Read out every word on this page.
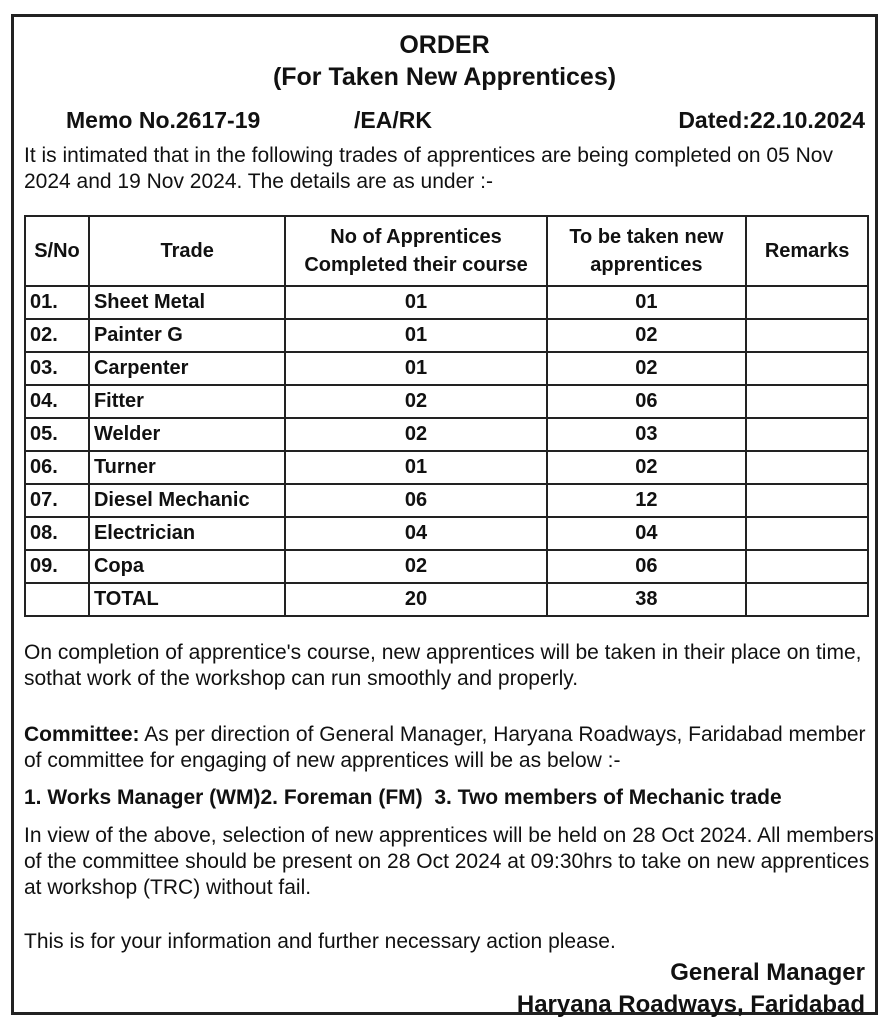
ORDER
(For Taken New Apprentices)
Memo No.2617-19	/EA/RK	Dated:22.10.2024
It is intimated that in the following trades of apprentices are being completed on 05 Nov 2024 and 19 Nov 2024. The details are as under :-
S/No	Trade	No of Apprentices Completed their course	To be taken new apprentices	Remarks
01.	Sheet Metal	01	01	
02.	Painter G	01	02	
03.	Carpenter	01	02	
04.	Fitter	02	06	
05.	Welder	02	03	
06.	Turner	01	02	
07.	Diesel Mechanic	06	12	
08.	Electrician	04	04	
09.	Copa	02	06	
	TOTAL	20	38	
On completion of apprentice's course, new apprentices will be taken in their place on time, sothat work of the workshop can run smoothly and properly.
Committee: As per direction of General Manager, Haryana Roadways, Faridabad member of committee for engaging of new apprentices will be as below :-
1. Works Manager (WM)2. Foreman (FM)  3. Two members of Mechanic trade
In view of the above, selection of new apprentices will be held on 28 Oct 2024. All members of the committee should be present on 28 Oct 2024 at 09:30hrs to take on new apprentices at workshop (TRC) without fail.
This is for your information and further necessary action please.
General Manager
Haryana Roadways, Faridabad
